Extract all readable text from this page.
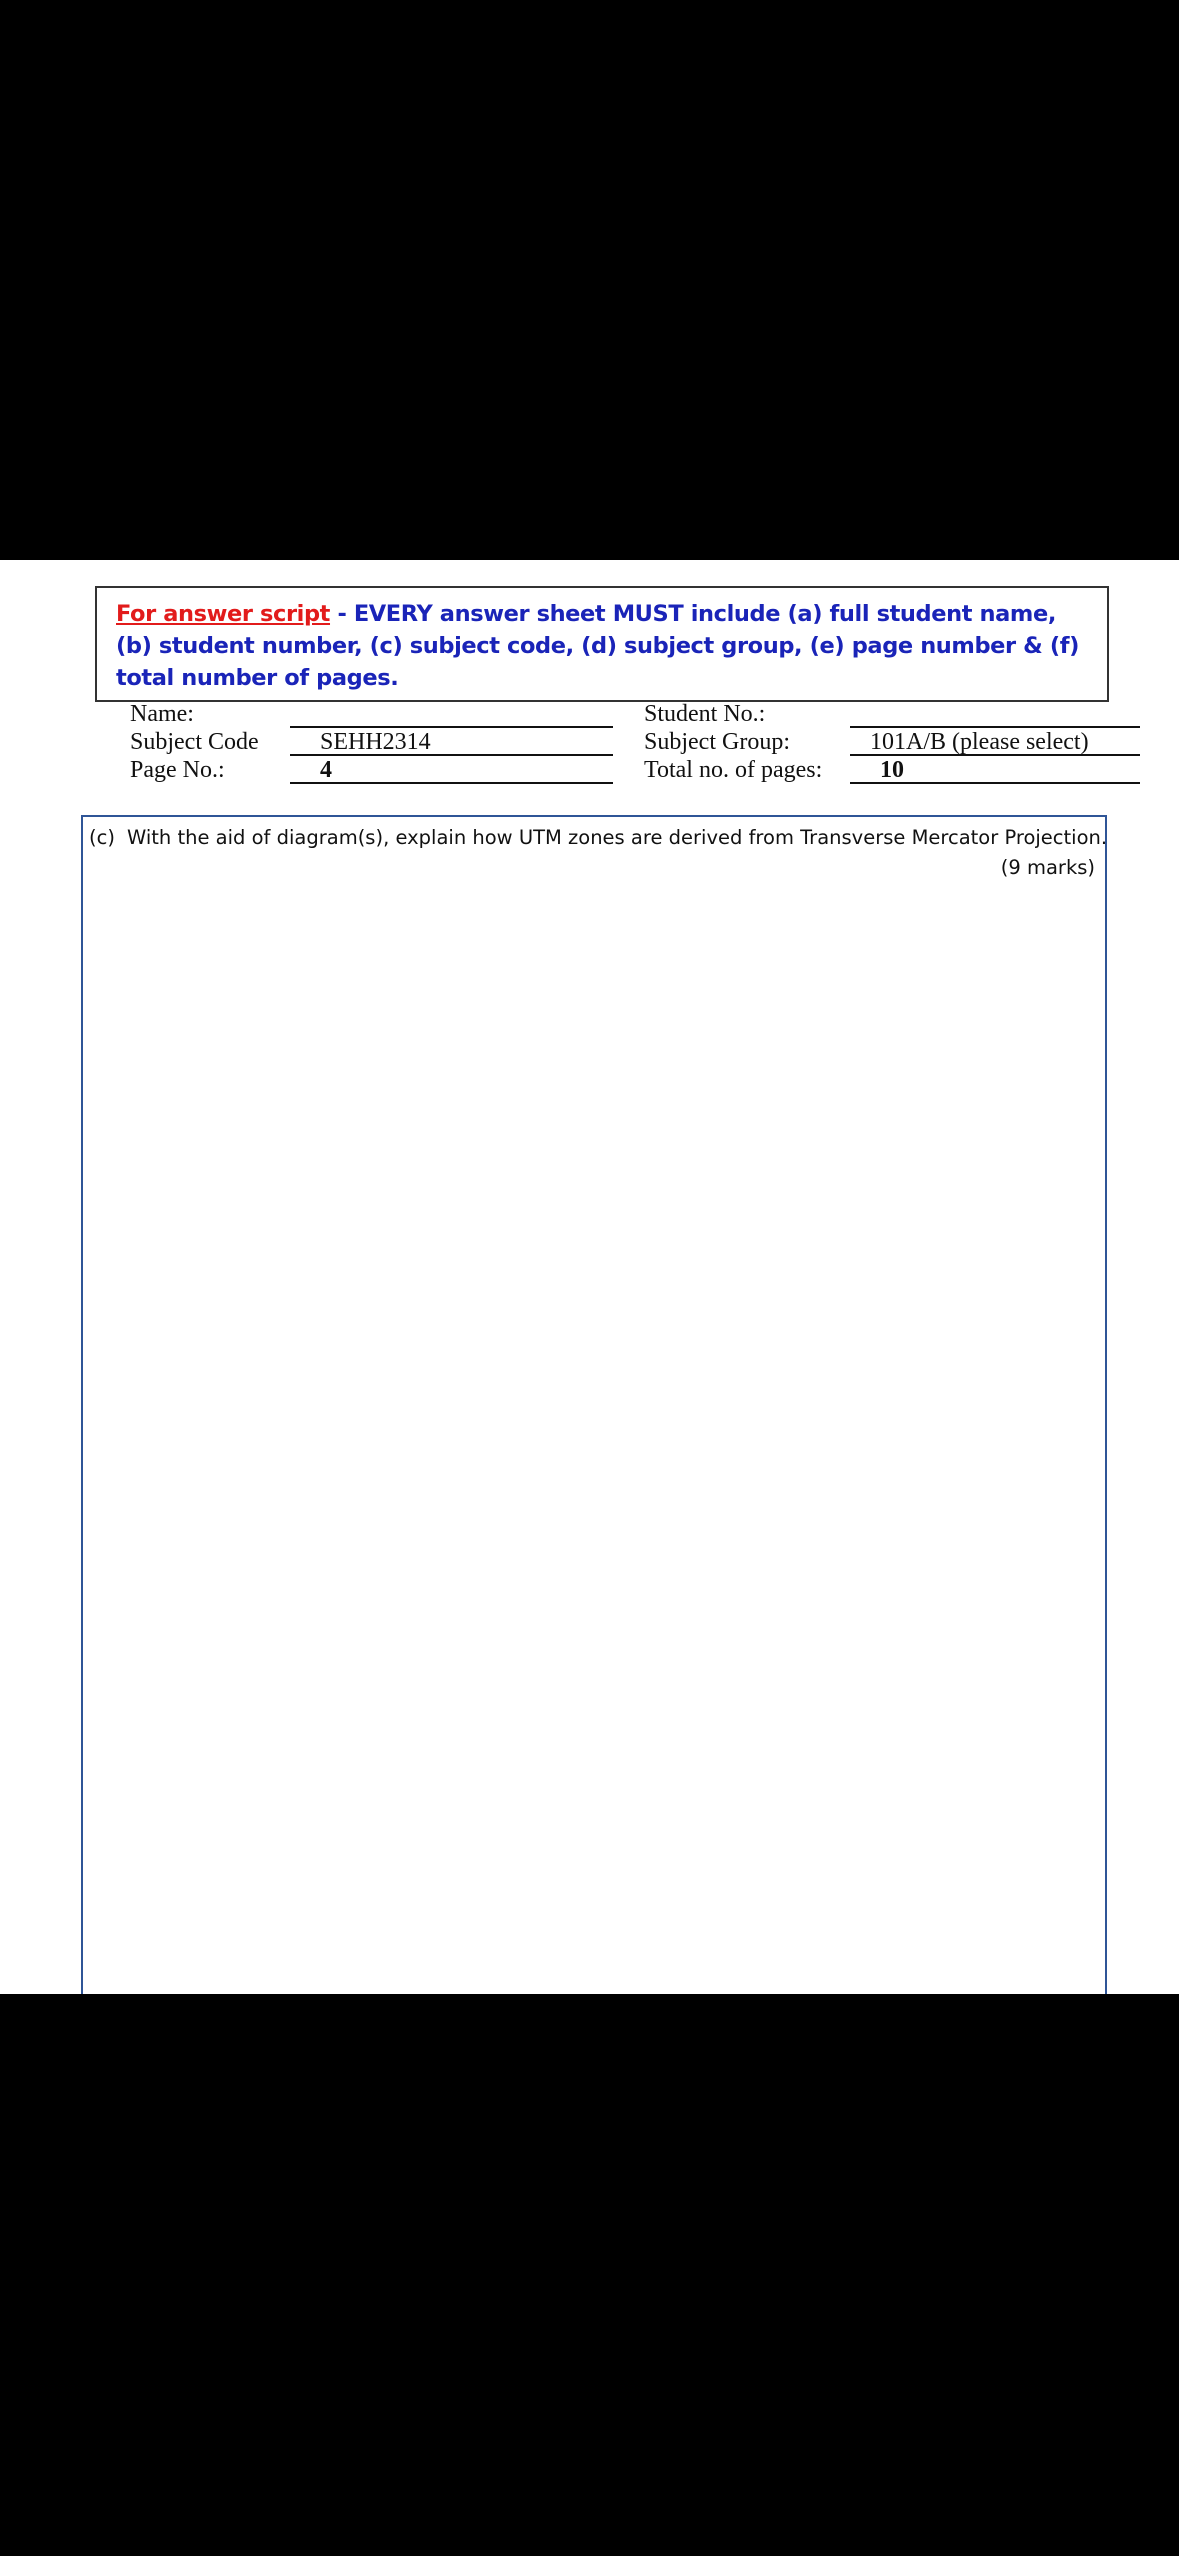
For answer script - EVERY answer sheet MUST include (a) full student name, (b) student number, (c) subject code, (d) subject group, (e) page number & (f) total number of pages.
Name:	Student No.:
Subject Code	SEHH2314	Subject Group:	101A/B (please select)
Page No.:	4	Total no. of pages:	10
(c) With the aid of diagram(s), explain how UTM zones are derived from Transverse Mercator Projection.
(9 marks)
